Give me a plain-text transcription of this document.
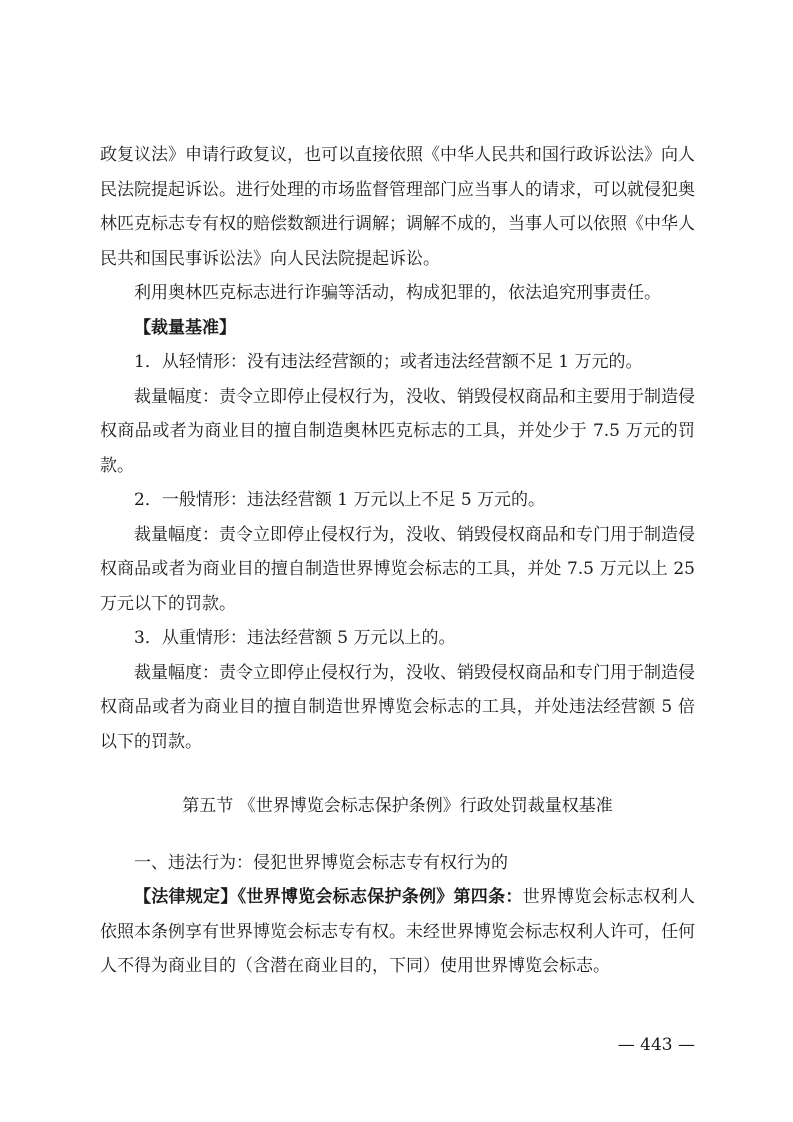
政复议法》申请行政复议，也可以直接依照《中华人民共和国行政诉讼法》向人民法院提起诉讼。进行处理的市场监督管理部门应当事人的请求，可以就侵犯奥林匹克标志专有权的赔偿数额进行调解；调解不成的，当事人可以依照《中华人民共和国民事诉讼法》向人民法院提起诉讼。

利用奥林匹克标志进行诈骗等活动，构成犯罪的，依法追究刑事责任。

【裁量基准】

1．从轻情形：没有违法经营额的；或者违法经营额不足 1 万元的。

裁量幅度：责令立即停止侵权行为，没收、销毁侵权商品和主要用于制造侵权商品或者为商业目的擅自制造奥林匹克标志的工具，并处少于 7.5 万元的罚款。

2．一般情形：违法经营额 1 万元以上不足 5 万元的。

裁量幅度：责令立即停止侵权行为，没收、销毁侵权商品和专门用于制造侵权商品或者为商业目的擅自制造世界博览会标志的工具，并处 7.5 万元以上 25 万元以下的罚款。

3．从重情形：违法经营额 5 万元以上的。

裁量幅度：责令立即停止侵权行为，没收、销毁侵权商品和专门用于制造侵权商品或者为商业目的擅自制造世界博览会标志的工具，并处违法经营额 5 倍以下的罚款。

第五节 《世界博览会标志保护条例》行政处罚裁量权基准

一、违法行为：侵犯世界博览会标志专有权行为的

【法律规定】《世界博览会标志保护条例》第四条：世界博览会标志权利人依照本条例享有世界博览会标志专有权。未经世界博览会标志权利人许可，任何人不得为商业目的（含潜在商业目的，下同）使用世界博览会标志。

— 443 —
